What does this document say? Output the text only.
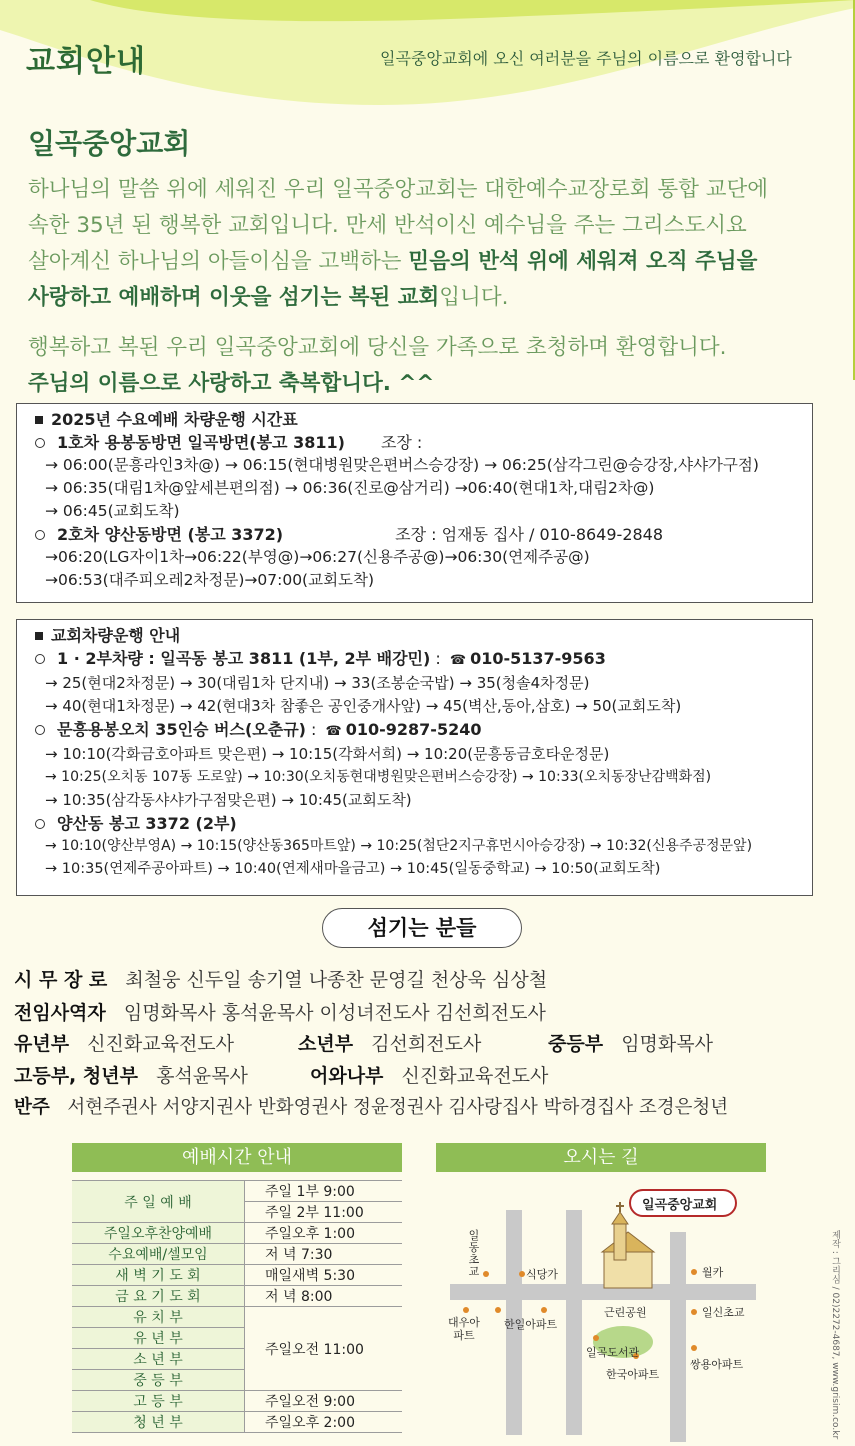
교회안내	일곡중앙교회에 오신 여러분을 주님의 이름으로 환영합니다
일곡중앙교회
하나님의 말씀 위에 세워진 우리 일곡중앙교회는 대한예수교장로회 통합 교단에
속한 35년 된 행복한 교회입니다. 만세 반석이신 예수님을 주는 그리스도시요
살아계신 하나님의 아들이심을 고백하는 믿음의 반석 위에 세워져 오직 주님을
사랑하고 예배하며 이웃을 섬기는 복된 교회입니다.
행복하고 복된 우리 일곡중앙교회에 당신을 가족으로 초청하며 환영합니다.
주님의 이름으로 사랑하고 축복합니다. ^^
2025년 수요예배 차량운행 시간표
1호차 용봉동방면 일곡방면(봉고 3811) 조장 :
→ 06:00(문흥라인3차@) → 06:15(현대병원맞은편버스승강장) → 06:25(삼각그린@승강장,샤샤가구점)
→ 06:35(대림1차@앞세븐편의점) → 06:36(진로@삼거리) →06:40(현대1차,대림2차@)
→ 06:45(교회도착)
2호차 양산동방면 (봉고 3372)	조장 : 엄재동 집사 / 010-8649-2848
→06:20(LG자이1차→06:22(부영@)→06:27(신용주공@)→06:30(연제주공@)
→06:53(대주피오레2차정문)→07:00(교회도착)
교회차량운행 안내
1 · 2부차량 : 일곡동 봉고 3811 (1부, 2부 배강민) : ☎ 010-5137-9563
→ 25(현대2차정문) → 30(대림1차 단지내) → 33(조봉순국밥) → 35(청솔4차정문)
→ 40(현대1차정문) → 42(현대3차 참좋은 공인중개사앞) → 45(벽산,동아,삼호) → 50(교회도착)
문흥용봉오치 35인승 버스(오춘규) : ☎ 010-9287-5240
→ 10:10(각화금호아파트 맞은편) → 10:15(각화서희) → 10:20(문흥동금호타운정문)
→ 10:25(오치동 107동 도로앞) → 10:30(오치동현대병원맞은편버스승강장) → 10:33(오치동장난감백화점)
→ 10:35(삼각동샤샤가구점맞은편) → 10:45(교회도착)
양산동 봉고 3372 (2부)
→ 10:10(양산부영A) → 10:15(양산동365마트앞) → 10:25(첨단2지구휴먼시아승강장) → 10:32(신용주공정문앞)
→ 10:35(연제주공아파트) → 10:40(연제새마을금고) → 10:45(일동중학교) → 10:50(교회도착)
섬기는 분들
시 무 장 로 최철웅 신두일 송기열 나종찬 문영길 천상욱 심상철
전임사역자 임명화목사 홍석윤목사 이성녀전도사 김선희전도사
유년부 신진화교육전도사	소년부 김선희전도사	중등부 임명화목사
고등부, 청년부 홍석윤목사	어와나부 신진화교육전도사
반주 서현주권사 서양지권사 반화영권사 정윤정권사 김사랑집사 박하경집사 조경은청년
예배시간 안내
주 일 예 배	주일 1부 9:00
	주일 2부 11:00
주일오후찬양예배	주일오후 1:00
수요예배/셀모임	저 녁 7:30
새 벽 기 도 회	매일새벽 5:30
금 요 기 도 회	저 녁 8:00
유 치 부	주일오전 11:00
유 년 부	
소 년 부	
중 등 부	
고 등 부	주일오전 9:00
청 년 부	주일오후 2:00
오시는 길
일곡중앙교회
일동초교	식당가	월카
대우아파트
한일아파트
근린공원	일신초교
일곡도서관
한국아파트
쌍용아파트	제작 : 그리심 / 02)2272-4687, www.grisim.co.kr
